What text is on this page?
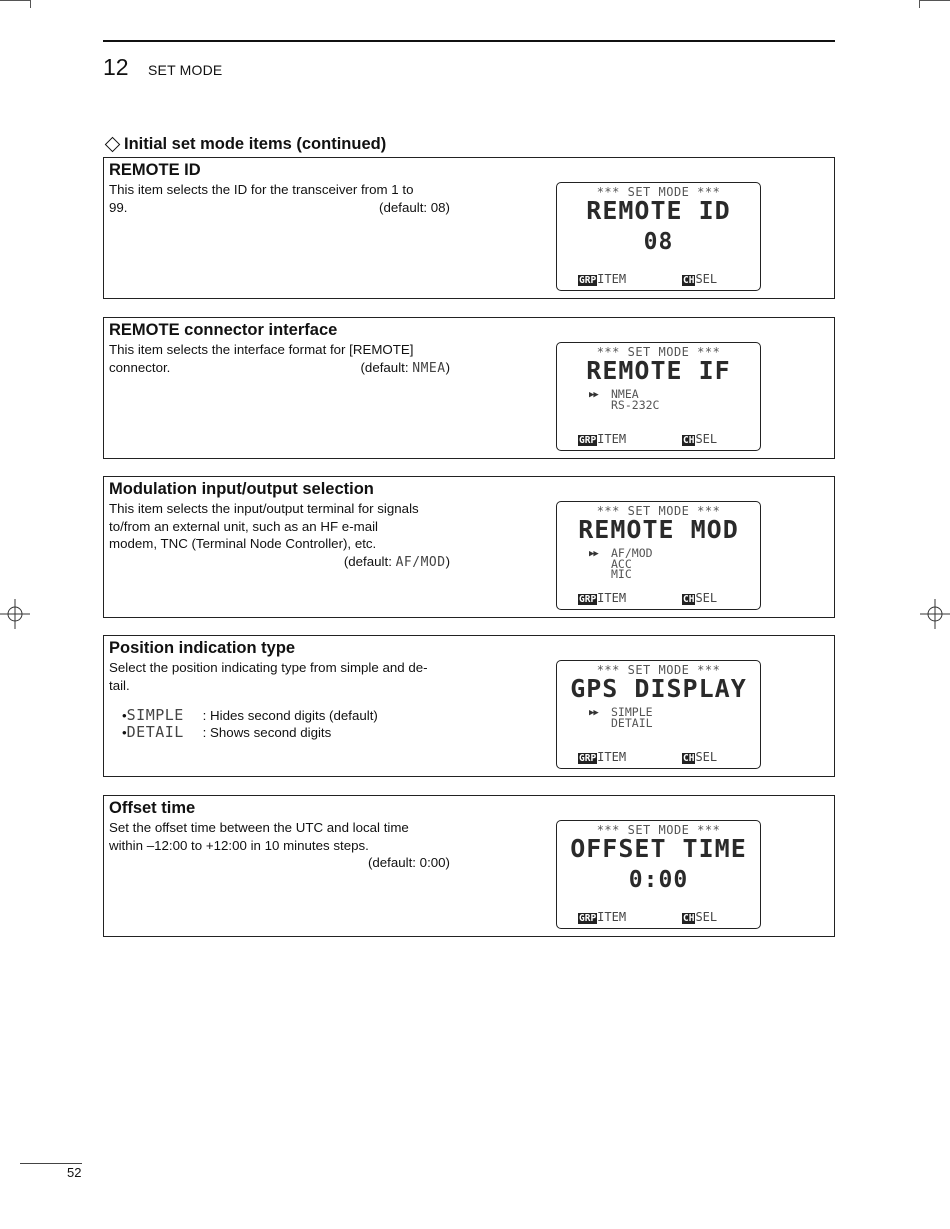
12 SET MODE
Initial set mode items (continued)
REMOTE ID
This item selects the ID for the transceiver from 1 to
99.	(default: 08)
*** SET MODE ***
REMOTE ID
08
GRPITEM	CHSEL
REMOTE connector interface
This item selects the interface format for [REMOTE]
connector.	(default: NMEA)
*** SET MODE ***
REMOTE IF
▶▶ NMEA
RS-232C
GRPITEM	CHSEL
Modulation input/output selection
This item selects the input/output terminal for signals
to/from an external unit, such as an HF e-mail
modem, TNC (Terminal Node Controller), etc.
(default: AF/MOD)
*** SET MODE ***
REMOTE MOD
▶▶ AF/MOD
ACC
MIC
GRPITEM	CHSEL
Position indication type
Select the position indicating type from simple and de-
tail.
•SIMPLE : Hides second digits (default)
•DETAIL : Shows second digits
*** SET MODE ***
GPS DISPLAY
▶▶ SIMPLE
DETAIL
GRPITEM	CHSEL
Offset time
Set the offset time between the UTC and local time
within –12:00 to +12:00 in 10 minutes steps.
(default: 0:00)
*** SET MODE ***
OFFSET TIME
0:00
GRPITEM	CHSEL
52
